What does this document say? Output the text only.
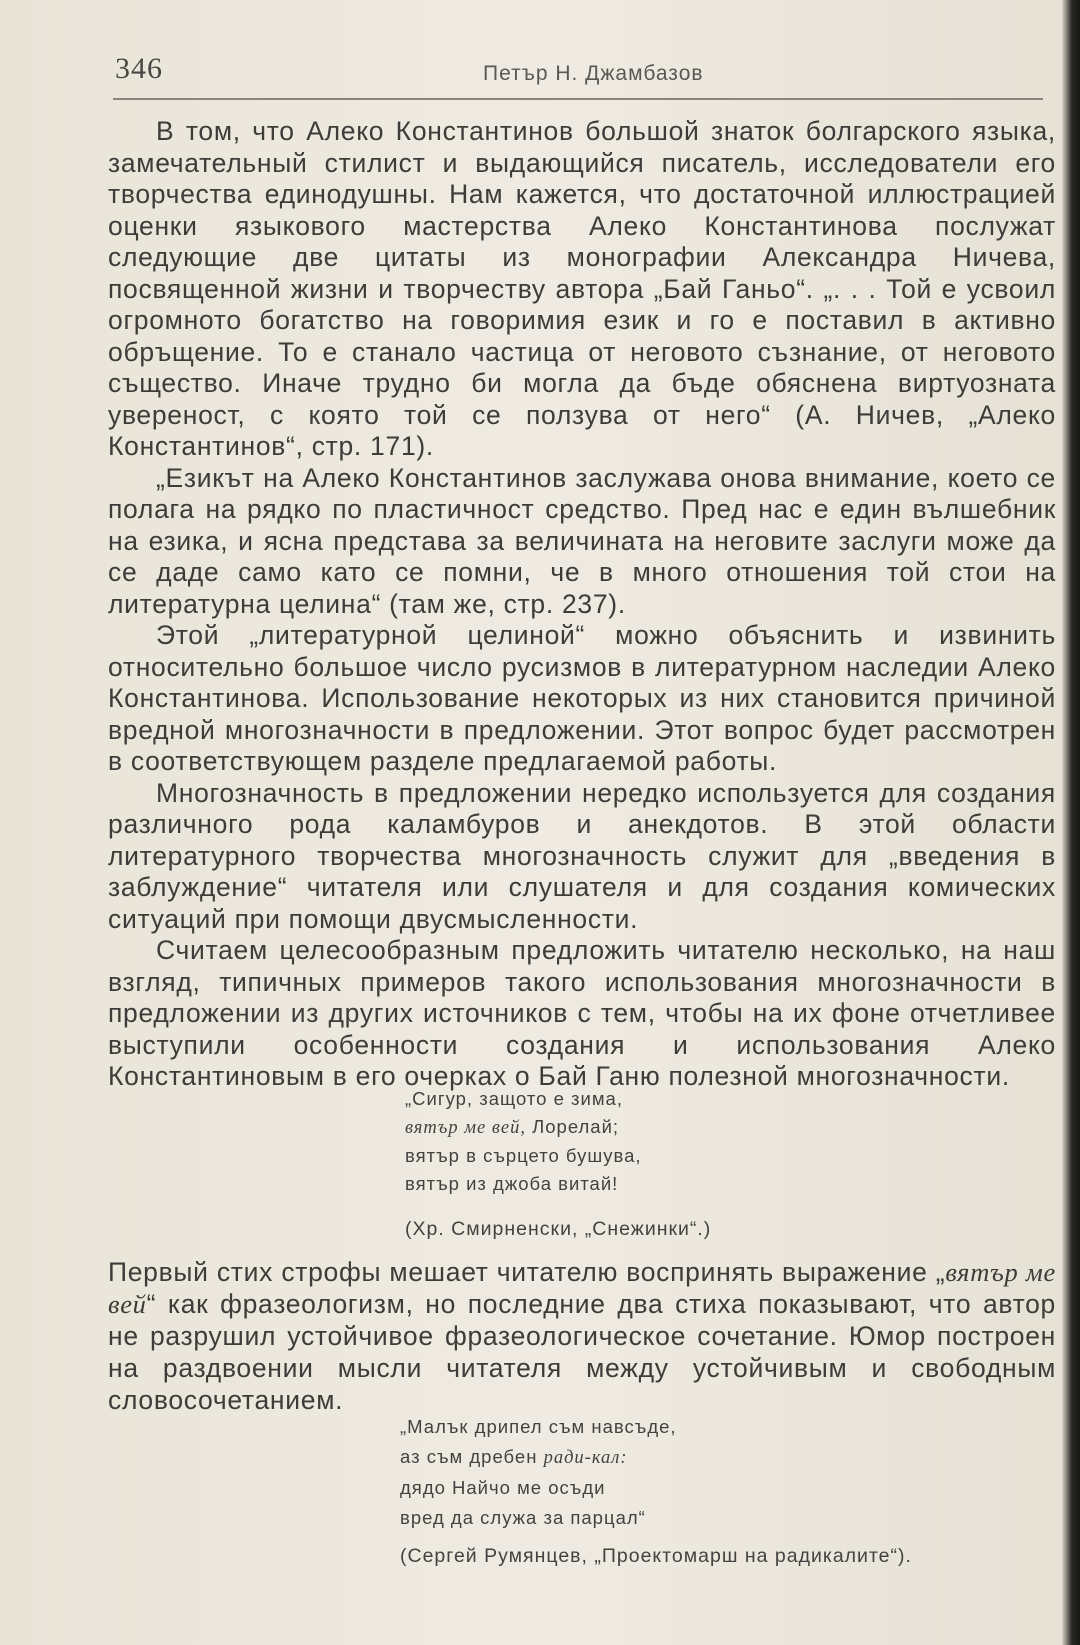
346	Петър Н. Джамбазов

В том, что Алеко Константинов большой знаток болгарского языка, замечательный стилист и выдающийся писатель, исследователи его творчества единодушны. Нам кажется, что достаточной иллюстрацией оценки языкового мастерства Алеко Константинова послужат следующие две цитаты из монографии Александра Ничева, посвященной жизни и творчеству автора „Бай Ганьо“. „. . . Той е усвоил огромното богатство на говоримия език и го е поставил в активно обръщение. То е станало частица от неговото съзнание, от неговото същество. Иначе трудно би могла да бъде обяснена виртуозната увереност, с която той се ползува от него“ (А. Ничев, „Алеко Константинов“, стр. 171).

„Езикът на Алеко Константинов заслужава онова внимание, което се полага на рядко по пластичност средство. Пред нас е един вълшебник на езика, и ясна представа за величината на неговите заслуги може да се даде само като се помни, че в много отношения той стои на литературна целина“ (там же, стр. 237).

Этой „литературной целиной“ можно объяснить и извинить относительно большое число русизмов в литературном наследии Алеко Константинова. Использование некоторых из них становится причиной вредной многозначности в предложении. Этот вопрос будет рассмотрен в соответствующем разделе предлагаемой работы.

Многозначность в предложении нередко используется для создания различного рода каламбуров и анекдотов. В этой области литературного творчества многозначность служит для „введения в заблуждение“ читателя или слушателя и для создания комических ситуаций при помощи двусмысленности.

Считаем целесообразным предложить читателю несколько, на наш взгляд, типичных примеров такого использования многозначности в предложении из других источников с тем, чтобы на их фоне отчетливее выступили особенности создания и использования Алеко Константиновым в его очерках о Бай Ганю полезной многозначности.

„Сигур, защото е зима,
вятър ме вей, Лорелай;
вятър в сърцето бушува,
вятър из джоба витай!
(Хр. Смирненски, „Снежинки“.)

Первый стих строфы мешает читателю воспринять выражение „вятър ме вей“ как фразеологизм, но последние два стиха показывают, что автор не разрушил устойчивое фразеологическое сочетание. Юмор построен на раздвоении мысли читателя между устойчивым и свободным словосочетанием.

„Малък дрипел съм навсъде,
аз съм дребен ради-кал:
дядо Найчо ме осъди
вред да служа за парцал“
(Сергей Румянцев, „Проектомарш на радикалите“).
